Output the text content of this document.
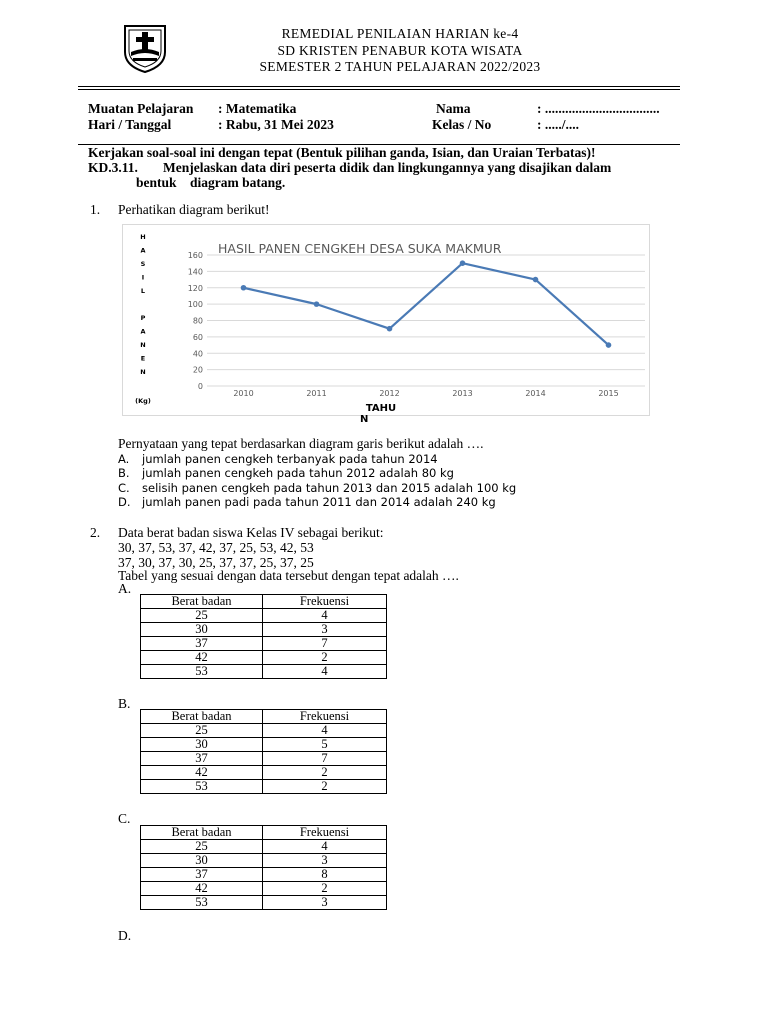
REMEDIAL PENILAIAN HARIAN ke-4
SD KRISTEN PENABUR KOTA WISATA
SEMESTER 2 TAHUN PELAJARAN 2022/2023
Muatan Pelajaran : Matematika	Nama	: ..................................
Hari / Tanggal	: Rabu, 31 Mei 2023	Kelas / No	: ...../....
Kerjakan soal-soal ini dengan tepat (Bentuk pilihan ganda, Isian, dan Uraian Terbatas)!
KD.3.11. Menjelaskan data diri peserta didik dan lingkungannya yang disajikan dalam
bentuk    diagram batang.
1. Perhatikan diagram berikut!
HASIL PANEN CENGKEH DESA SUKA MAKMUR
0
20
40
60
80
100
120
140
160
2010	2011	2012	2013	2014	2015
H
A
S
I
L
P
A
N
E
N
(Kg)
TAHU
Pernyataan yang tepat berdasarkan diagram garis berikut adalah ….
A. jumlah panen cengkeh terbanyak pada tahun 2014
B. jumlah panen cengkeh pada tahun 2012 adalah 80 kg
C. selisih panen cengkeh pada tahun 2013 dan 2015 adalah 100 kg
D. jumlah panen padi pada tahun 2011 dan 2014 adalah 240 kg
2. Data berat badan siswa Kelas IV sebagai berikut:
30, 37, 53, 37, 42, 37, 25, 53, 42, 53
37, 30, 37, 30, 25, 37, 37, 25, 37, 25
Tabel yang sesuai dengan data tersebut dengan tepat adalah ….
A.
Berat badan	Frekuensi
25	4
30	3
37	7
42	2
53	4
B.
Berat badan	Frekuensi
25	4
30	5
37	7
42	2
53	2
C.
Berat badan	Frekuensi
25	4
30	3
37	8
42	2
53	3
D.
N
